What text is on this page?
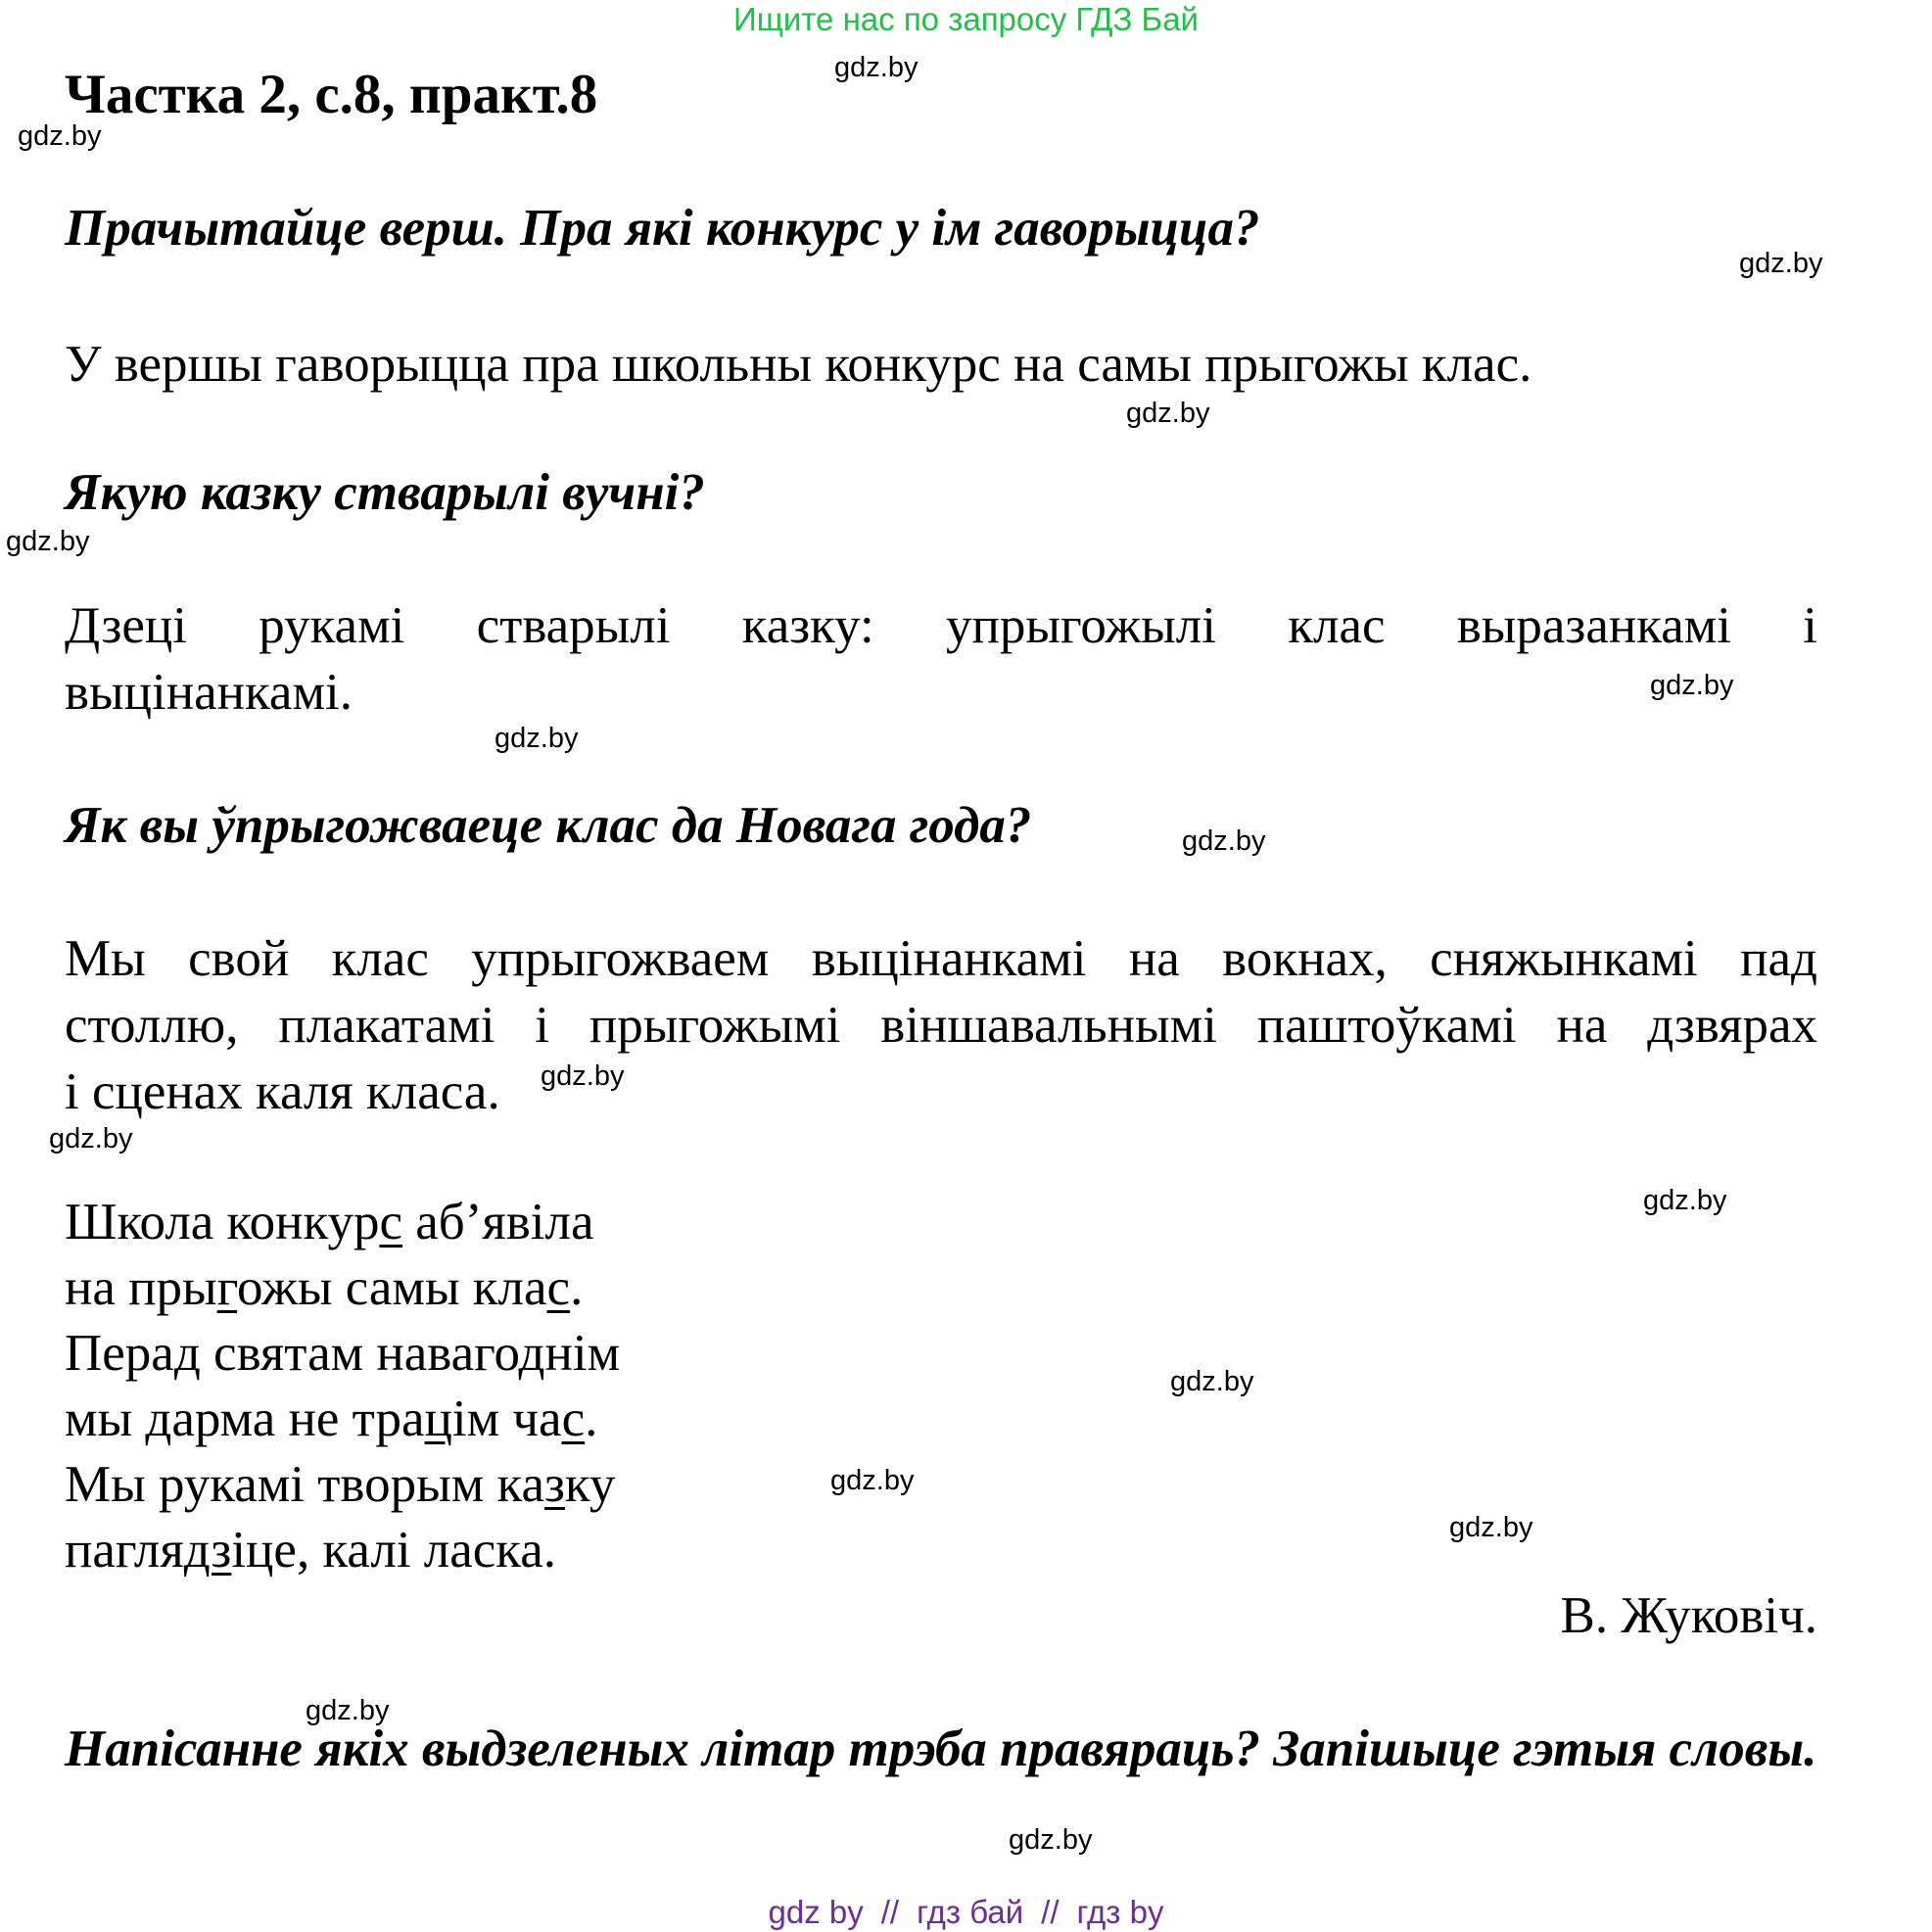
Ищите нас по запросу ГДЗ Бай
Частка 2, с.8, практ.8
Прачытайце верш. Пра які конкурс у ім гаворыцца?
У вершы гаворыцца пра школьны конкурс на самы прыгожы клас.
Якую казку стварылі вучні?
Дзеці рукамі стварылі казку: упрыгожылі клас выразанкамі і
выцінанкамі.
Як вы ўпрыгожваеце клас да Новага года?
Мы свой клас упрыгожваем выцінанкамі на вокнах, сняжынкамі пад
столлю, плакатамі і прыгожымі віншавальнымі паштоўкамі на дзвярах
і сценах каля класа.
Школа конкурс аб’явіла
на прыгожы самы клас.
Перад святам навагоднім
мы дарма не трацім час.
Мы рукамі творым казку
паглядзіце, калі ласка.
В. Жуковіч.
Напісанне якіх выдзеленых літар трэба правяраць? Запішыце гэтыя словы.
gdz.by
gdz.by
gdz.by
gdz.by
gdz.by
gdz.by
gdz.by
gdz.by
gdz.by
gdz.by
gdz.by
gdz.by
gdz.by
gdz.by
gdz.by
gdz.by
gdz by // гдз бай // гдз by
